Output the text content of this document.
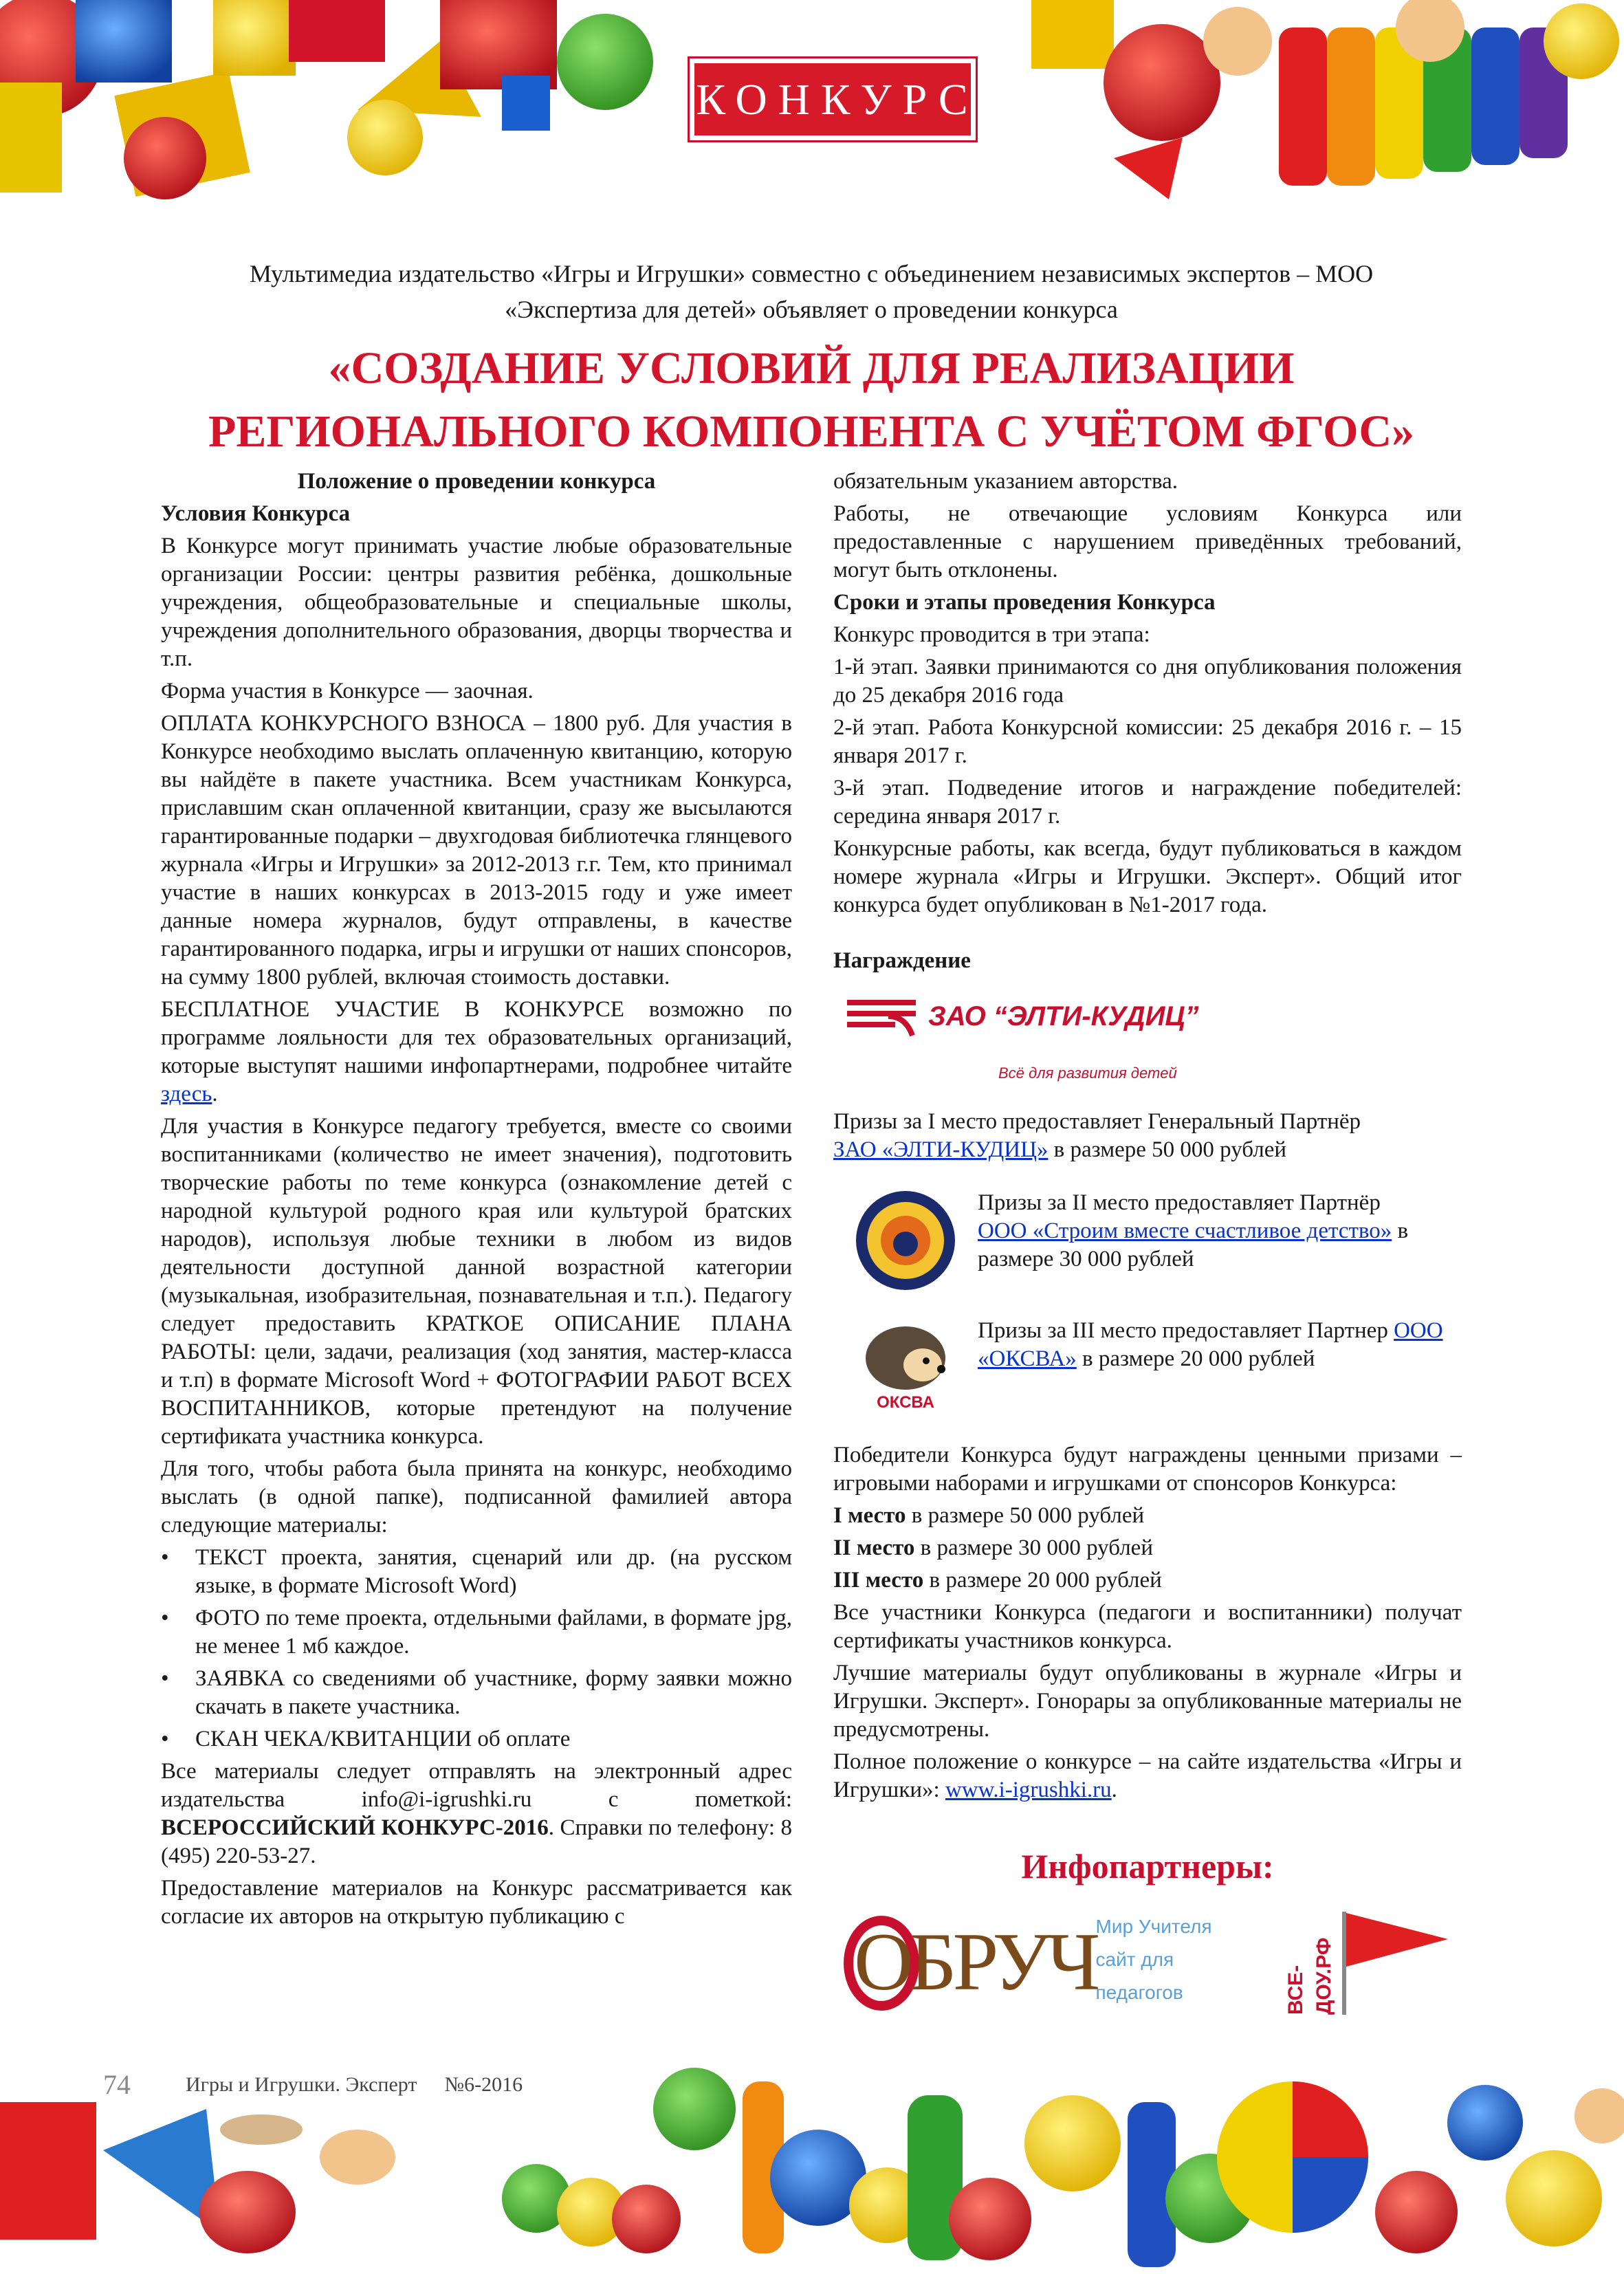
КОНКУРС
Мультимедиа издательство «Игры и Игрушки» совместно с объединением независимых экспертов – МОО «Экспертиза для детей» объявляет о проведении конкурса
«СОЗДАНИЕ УСЛОВИЙ ДЛЯ РЕАЛИЗАЦИИ
РЕГИОНАЛЬНОГО КОМПОНЕНТА С УЧЁТОМ ФГОС»

Положение о проведении конкурса

Условия Конкурса

В Конкурсе могут принимать участие любые образовательные организации России: центры развития ребёнка, дошкольные учреждения, общеобразовательные и специальные школы, учреждения дополнительного образования, дворцы творчества и т.п.

Форма участия в Конкурсе — заочная.

ОПЛАТА КОНКУРСНОГО ВЗНОСА – 1800 руб. Для участия в Конкурсе необходимо выслать оплаченную квитанцию, которую вы найдёте в пакете участника. Всем участникам Конкурса, приславшим скан оплаченной квитанции, сразу же высылаются гарантированные подарки – двухгодовая библиотечка глянцевого журнала «Игры и Игрушки» за 2012-2013 г.г. Тем, кто принимал участие в наших конкурсах в 2013-2015 году и уже имеет данные номера журналов, будут отправлены, в качестве гарантированного подарка, игры и игрушки от наших спонсоров, на сумму 1800 рублей, включая стоимость доставки.

БЕСПЛАТНОЕ УЧАСТИЕ В КОНКУРСЕ возможно по программе лояльности для тех образовательных организаций, которые выступят нашими инфопартнерами, подробнее читайте здесь.

Для участия в Конкурсе педагогу требуется, вместе со своими воспитанниками (количество не имеет значения), подготовить творческие работы по теме конкурса (ознакомление детей с народной культурой родного края или культурой братских народов), используя любые техники в любом из видов деятельности доступной данной возрастной категории (музыкальная, изобразительная, познавательная и т.п.). Педагогу следует предоставить КРАТКОЕ ОПИСАНИЕ ПЛАНА РАБОТЫ: цели, задачи, реализация (ход занятия, мастер-класса и т.п) в формате Microsoft Word + ФОТОГРАФИИ РАБОТ ВСЕХ ВОСПИТАННИКОВ, которые претендуют на получение сертификата участника конкурса.

Для того, чтобы работа была принята на конкурс, необходимо выслать (в одной папке), подписанной фамилией автора следующие материалы:

• ТЕКСТ проекта, занятия, сценарий или др. (на русском языке, в формате Microsoft Word)
• ФОТО по теме проекта, отдельными файлами, в формате jpg, не менее 1 мб каждое.
• ЗАЯВКА со сведениями об участнике, форму заявки можно скачать в пакете участника.
• СКАН ЧЕКА/КВИТАНЦИИ об оплате

Все материалы следует отправлять на электронный адрес издательства info@i-igrushki.ru с пометкой: ВСЕРОССИЙСКИЙ КОНКУРС-2016. Справки по телефону: 8 (495) 220-53-27.

Предоставление материалов на Конкурс рассматривается как согласие их авторов на открытую публикацию с

обязательным указанием авторства.

Работы, не отвечающие условиям Конкурса или предоставленные с нарушением приведённых требований, могут быть отклонены.

Сроки и этапы проведения Конкурса

Конкурс проводится в три этапа:

1-й этап. Заявки принимаются со дня опубликования положения до 25 декабря 2016 года

2-й этап. Работа Конкурсной комиссии: 25 декабря 2016 г. – 15 января 2017 г.

3-й этап. Подведение итогов и награждение победителей: середина января 2017 г.

Конкурсные работы, как всегда, будут публиковаться в каждом номере журнала «Игры и Игрушки. Эксперт». Общий итог конкурса будет опубликован в №1-2017 года.

Награждение

ЗАО “ЭЛТИ-КУДИЦ”
Всё для развития детей

Призы за I место предоставляет Генеральный Партнёр
ЗАО «ЭЛТИ-КУДИЦ» в размере 50 000 рублей

Призы за II место предоставляет Партнёр
ООО «Строим вместе счастливое детство» в размере 30 000 рублей

ОКСВА

Призы за III место предоставляет Партнер ООО «ОКСВА» в размере 20 000 рублей

Победители Конкурса будут награждены ценными призами – игровыми наборами и игрушками от спонсоров Конкурса:

I место в размере 50 000 рублей

II место в размере 30 000 рублей

III место в размере 20 000 рублей

Все участники Конкурса (педагоги и воспитанники) получат сертификаты участников конкурса.

Лучшие материалы будут опубликованы в журнале «Игры и Игрушки. Эксперт». Гонорары за опубликованные материалы не предусмотрены.

Полное положение о конкурсе – на сайте издательства «Игры и Игрушки»: www.i-igrushki.ru.

Инфопартнеры:
ОБРУЧ Мир Учителя
сайт для
педагогов	ВСЕ-ДОУ.РФ
74	Игры и Игрушки. Эксперт №6-2016
